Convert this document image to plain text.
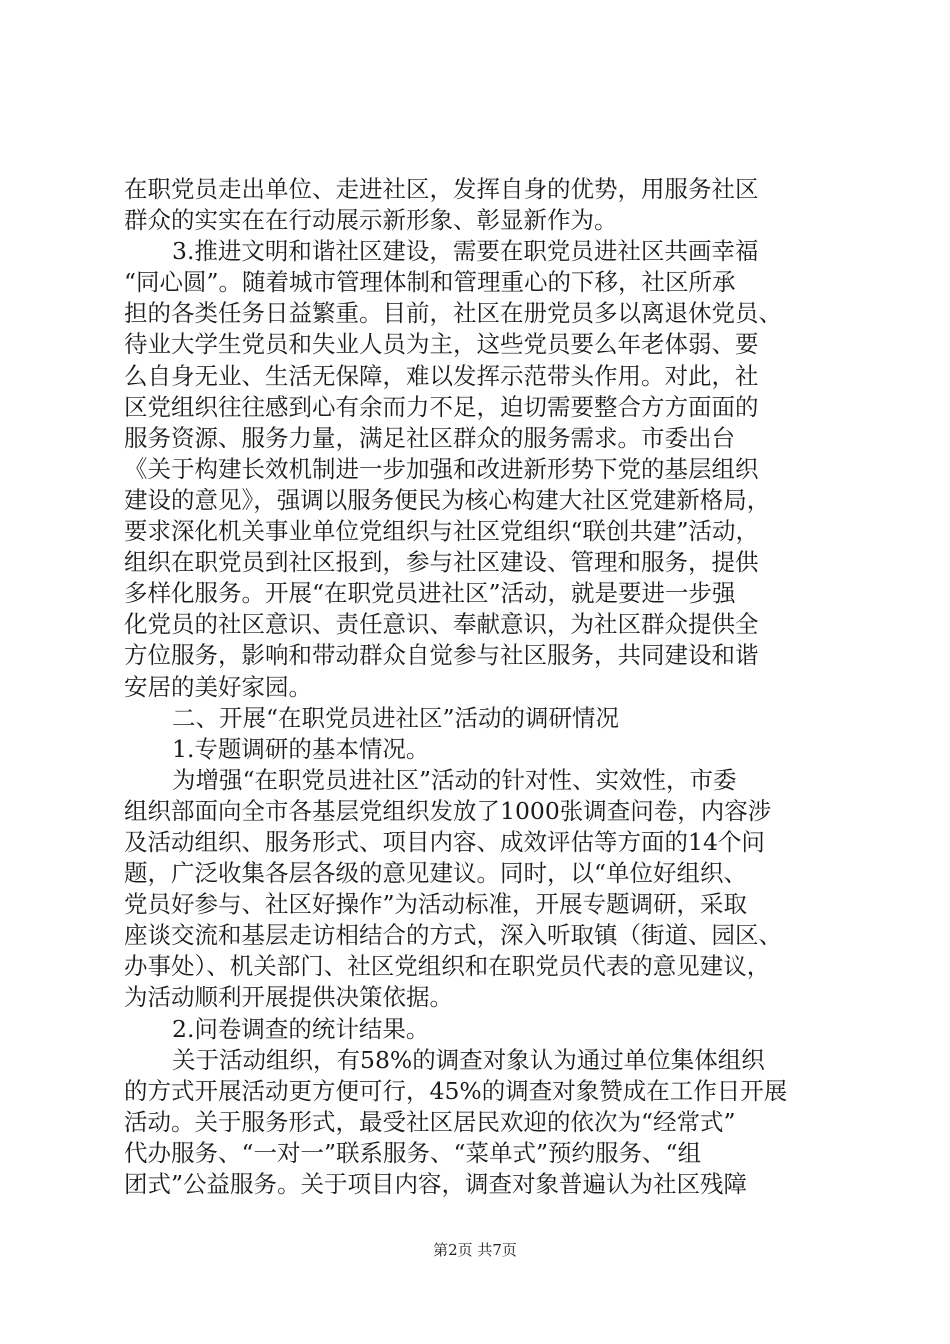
在职党员走出单位、走进社区，发挥自身的优势，用服务社区
群众的实实在在行动展示新形象、彰显新作为。
3.推进文明和谐社区建设，需要在职党员进社区共画幸福
“同心圆”。随着城市管理体制和管理重心的下移，社区所承
担的各类任务日益繁重。目前，社区在册党员多以离退休党员、
待业大学生党员和失业人员为主，这些党员要么年老体弱、要
么自身无业、生活无保障，难以发挥示范带头作用。对此，社
区党组织往往感到心有余而力不足，迫切需要整合方方面面的
服务资源、服务力量，满足社区群众的服务需求。市委出台
《关于构建长效机制进一步加强和改进新形势下党的基层组织
建设的意见》，强调以服务便民为核心构建大社区党建新格局，
要求深化机关事业单位党组织与社区党组织“联创共建”活动，
组织在职党员到社区报到，参与社区建设、管理和服务，提供
多样化服务。开展“在职党员进社区”活动，就是要进一步强
化党员的社区意识、责任意识、奉献意识，为社区群众提供全
方位服务，影响和带动群众自觉参与社区服务，共同建设和谐
安居的美好家园。
二、开展“在职党员进社区”活动的调研情况
1.专题调研的基本情况。
为增强“在职党员进社区”活动的针对性、实效性，市委
组织部面向全市各基层党组织发放了1000张调查问卷，内容涉
及活动组织、服务形式、项目内容、成效评估等方面的14个问
题，广泛收集各层各级的意见建议。同时，以“单位好组织、
党员好参与、社区好操作”为活动标准，开展专题调研，采取
座谈交流和基层走访相结合的方式，深入听取镇（街道、园区、
办事处）、机关部门、社区党组织和在职党员代表的意见建议，
为活动顺利开展提供决策依据。
2.问卷调查的统计结果。
关于活动组织，有58%的调查对象认为通过单位集体组织
的方式开展活动更方便可行，45%的调查对象赞成在工作日开展
活动。关于服务形式，最受社区居民欢迎的依次为“经常式”
代办服务、“一对一”联系服务、“菜单式”预约服务、“组
团式”公益服务。关于项目内容，调查对象普遍认为社区残障
第2页 共7页
